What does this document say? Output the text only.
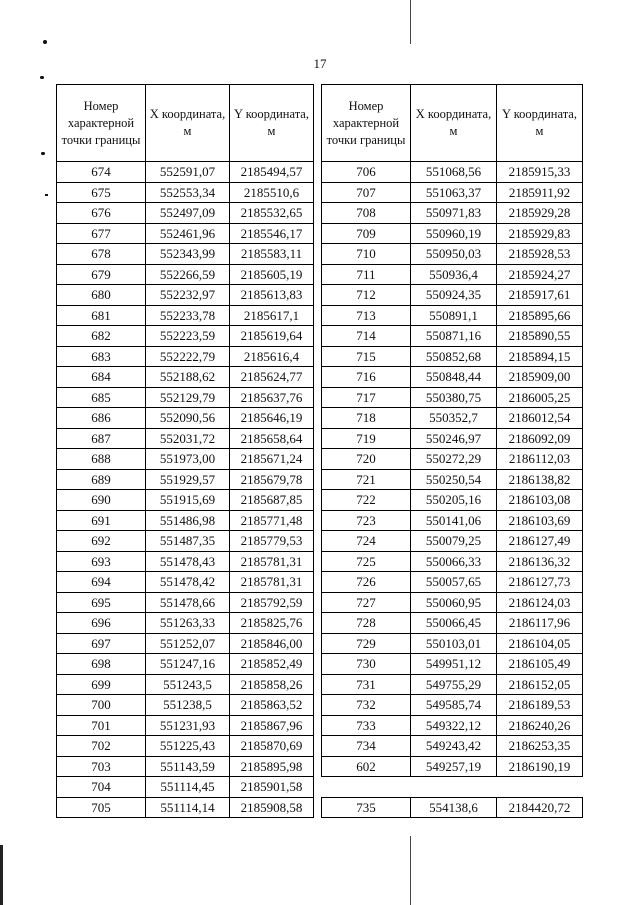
17
Номер характерной точки границы	X координата, м	Y координата, м
674	552591,07	2185494,57
675	552553,34	2185510,6
676	552497,09	2185532,65
677	552461,96	2185546,17
678	552343,99	2185583,11
679	552266,59	2185605,19
680	552232,97	2185613,83
681	552233,78	2185617,1
682	552223,59	2185619,64
683	552222,79	2185616,4
684	552188,62	2185624,77
685	552129,79	2185637,76
686	552090,56	2185646,19
687	552031,72	2185658,64
688	551973,00	2185671,24
689	551929,57	2185679,78
690	551915,69	2185687,85
691	551486,98	2185771,48
692	551487,35	2185779,53
693	551478,43	2185781,31
694	551478,42	2185781,31
695	551478,66	2185792,59
696	551263,33	2185825,76
697	551252,07	2185846,00
698	551247,16	2185852,49
699	551243,5	2185858,26
700	551238,5	2185863,52
701	551231,93	2185867,96
702	551225,43	2185870,69
703	551143,59	2185895,98
704	551114,45	2185901,58
705	551114,14	2185908,58
Номер характерной точки границы	X координата, м	Y координата, м
706	551068,56	2185915,33
707	551063,37	2185911,92
708	550971,83	2185929,28
709	550960,19	2185929,83
710	550950,03	2185928,53
711	550936,4	2185924,27
712	550924,35	2185917,61
713	550891,1	2185895,66
714	550871,16	2185890,55
715	550852,68	2185894,15
716	550848,44	2185909,00
717	550380,75	2186005,25
718	550352,7	2186012,54
719	550246,97	2186092,09
720	550272,29	2186112,03
721	550250,54	2186138,82
722	550205,16	2186103,08
723	550141,06	2186103,69
724	550079,25	2186127,49
725	550066,33	2186136,32
726	550057,65	2186127,73
727	550060,95	2186124,03
728	550066,45	2186117,96
729	550103,01	2186104,05
730	549951,12	2186105,49
731	549755,29	2186152,05
732	549585,74	2186189,53
733	549322,12	2186240,26
734	549243,42	2186253,35
602	549257,19	2186190,19

735	554138,6	2184420,72
